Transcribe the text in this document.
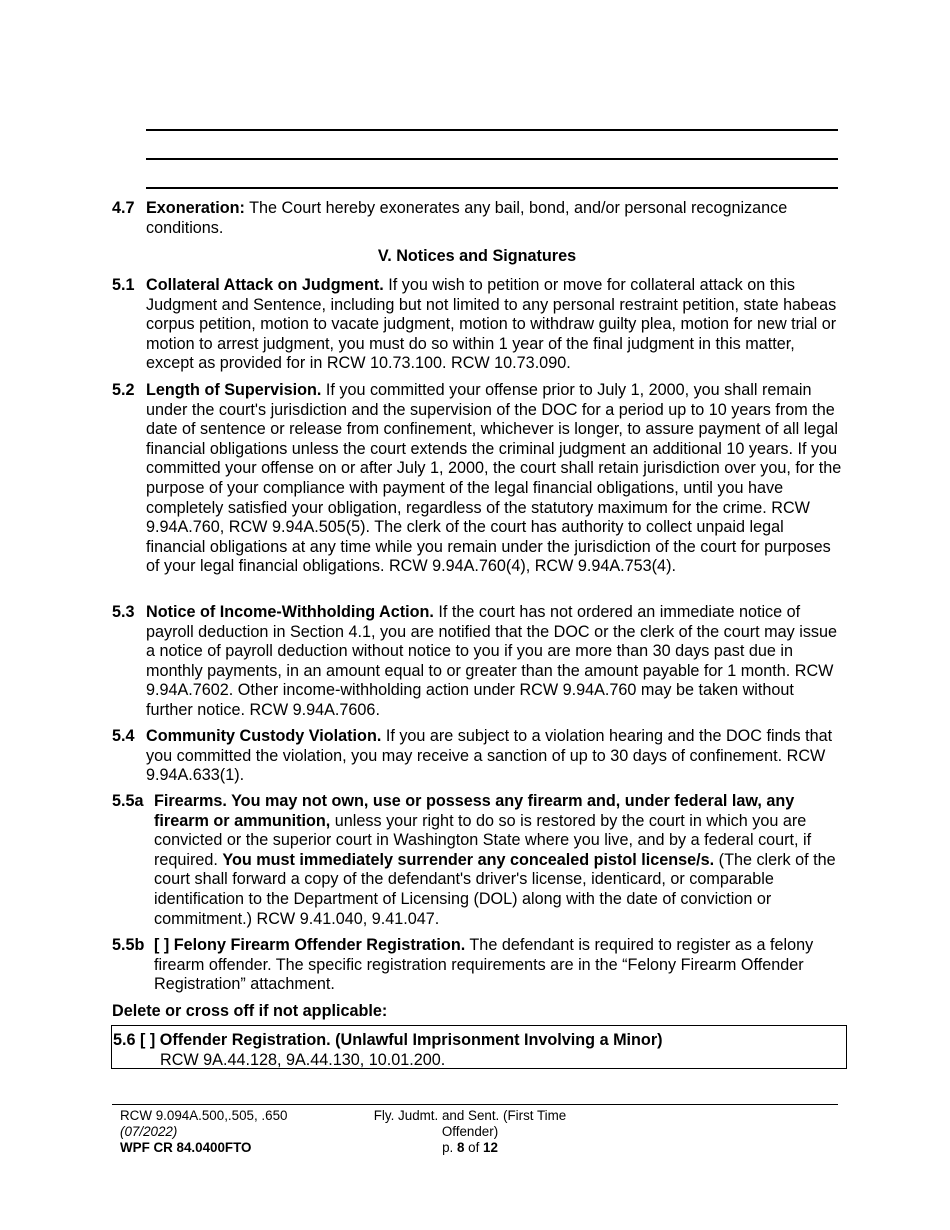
4.7 Exoneration: The Court hereby exonerates any bail, bond, and/or personal recognizance conditions.
V. Notices and Signatures
5.1 Collateral Attack on Judgment. If you wish to petition or move for collateral attack on this Judgment and Sentence, including but not limited to any personal restraint petition, state habeas corpus petition, motion to vacate judgment, motion to withdraw guilty plea, motion for new trial or motion to arrest judgment, you must do so within 1 year of the final judgment in this matter, except as provided for in RCW 10.73.100. RCW 10.73.090.
5.2 Length of Supervision. If you committed your offense prior to July 1, 2000, you shall remain under the court's jurisdiction and the supervision of the DOC for a period up to 10 years from the date of sentence or release from confinement, whichever is longer, to assure payment of all legal financial obligations unless the court extends the criminal judgment an additional 10 years. If you committed your offense on or after July 1, 2000, the court shall retain jurisdiction over you, for the purpose of your compliance with payment of the legal financial obligations, until you have completely satisfied your obligation, regardless of the statutory maximum for the crime. RCW 9.94A.760, RCW 9.94A.505(5). The clerk of the court has authority to collect unpaid legal financial obligations at any time while you remain under the jurisdiction of the court for purposes of your legal financial obligations. RCW 9.94A.760(4), RCW 9.94A.753(4).
5.3 Notice of Income-Withholding Action. If the court has not ordered an immediate notice of payroll deduction in Section 4.1, you are notified that the DOC or the clerk of the court may issue a notice of payroll deduction without notice to you if you are more than 30 days past due in monthly payments, in an amount equal to or greater than the amount payable for 1 month. RCW 9.94A.7602. Other income-withholding action under RCW 9.94A.760 may be taken without further notice. RCW 9.94A.7606.
5.4 Community Custody Violation. If you are subject to a violation hearing and the DOC finds that you committed the violation, you may receive a sanction of up to 30 days of confinement. RCW 9.94A.633(1).
5.5a Firearms. You may not own, use or possess any firearm and, under federal law, any firearm or ammunition, unless your right to do so is restored by the court in which you are convicted or the superior court in Washington State where you live, and by a federal court, if required. You must immediately surrender any concealed pistol license/s. (The clerk of the court shall forward a copy of the defendant's driver's license, identicard, or comparable identification to the Department of Licensing (DOL) along with the date of conviction or commitment.) RCW 9.41.040, 9.41.047.
5.5b [ ] Felony Firearm Offender Registration. The defendant is required to register as a felony firearm offender. The specific registration requirements are in the “Felony Firearm Offender Registration” attachment.
Delete or cross off if not applicable:
5.6 [ ] Offender Registration. (Unlawful Imprisonment Involving a Minor)
RCW 9A.44.128, 9A.44.130, 10.01.200.
RCW 9.094A.500,.505, .650
(07/2022)
WPF CR 84.0400FTO
Fly. Judmt. and Sent. (First Time
Offender)
p. 8 of 12
